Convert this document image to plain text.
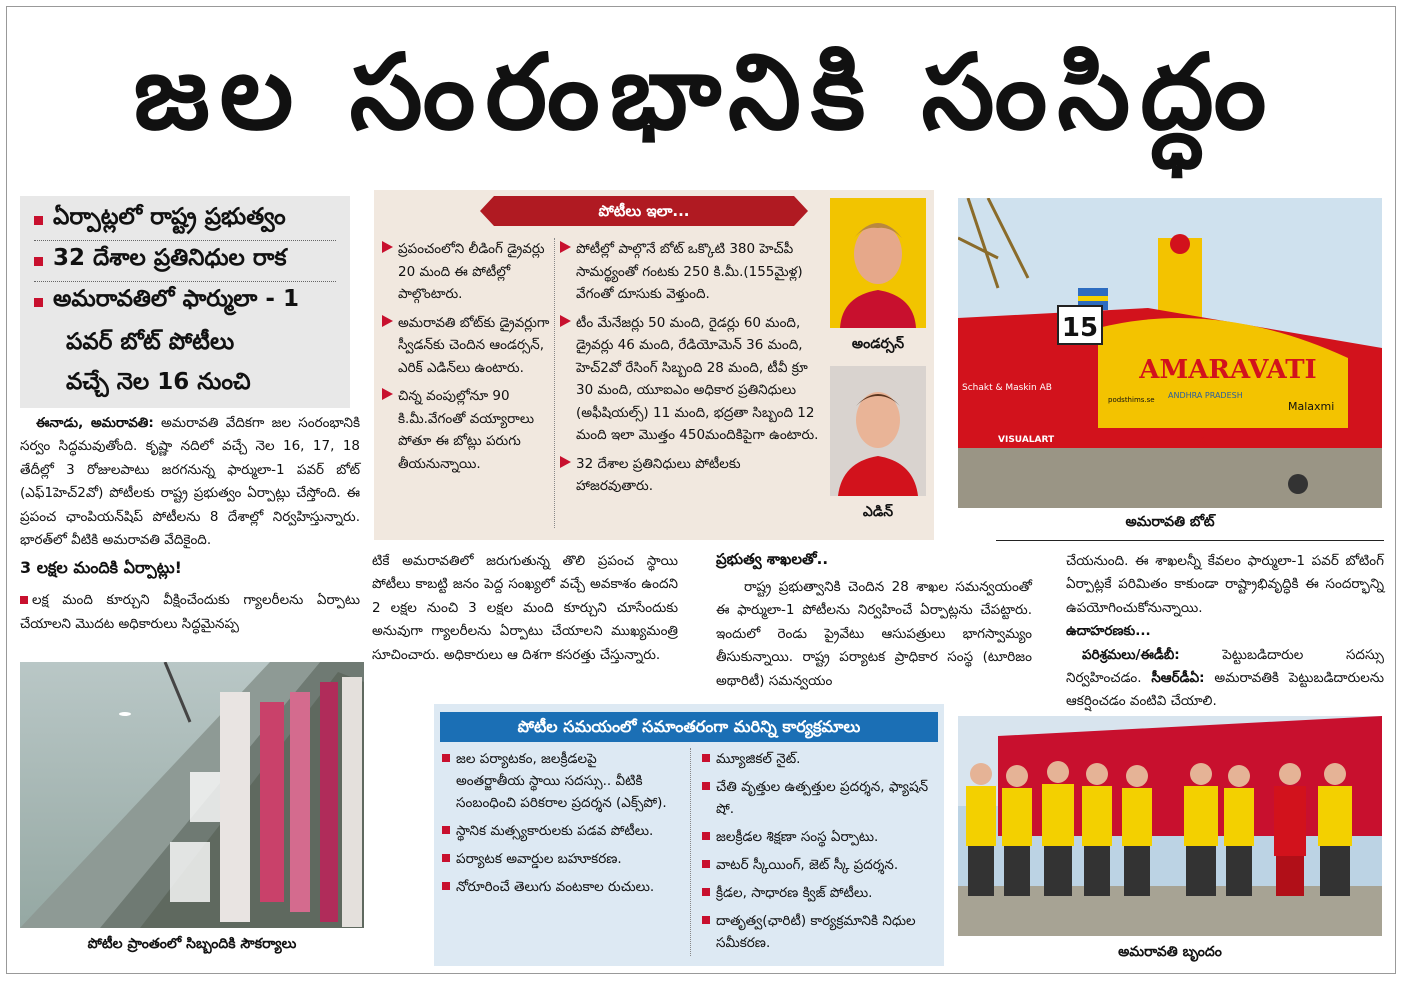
జల సంరంభానికి సంసిద్ధం
ఏర్పాట్లలో రాష్ట్ర ప్రభుత్వం
32 దేశాల ప్రతినిధుల రాక
అమరావతిలో ఫార్ములా - 1
పవర్ బోట్ పోటీలు
వచ్చే నెల 16 నుంచి
ఈనాడు, అమరావతి: అమరావతి వేదికగా జల సంరంభానికి సర్వం సిద్ధమవుతోంది. కృష్ణా నదిలో వచ్చే నెల 16, 17, 18 తేదీల్లో 3 రోజులపాటు జరగనున్న ఫార్ములా-1 పవర్ బోట్ (ఎఫ్1హెచ్2వో) పోటీలకు రాష్ట్ర ప్రభుత్వం ఏర్పాట్లు చేస్తోంది. ఈ ప్రపంచ ఛాంపియన్‌షిప్ పోటీలను 8 దేశాల్లో నిర్వహిస్తున్నారు. భారత్‌లో వీటికి అమరావతి వేదికైంది.
3 లక్షల మందికి ఏర్పాట్లు!
లక్ష మంది కూర్చుని వీక్షించేందుకు గ్యాలరీలను ఏర్పాటు చేయాలని మొదట అధికారులు సిద్ధమైనప్ప
పోటీల ప్రాంతంలో సిబ్బందికి సౌకర్యాలు
పోటీలు ఇలా...
ప్రపంచంలోని లీడింగ్ డ్రైవర్లు 20 మంది ఈ పోటీల్లో పాల్గొంటారు.
అమరావతి బోట్‌కు డ్రైవర్లుగా స్వీడన్‌కు చెందిన ఆండర్సన్, ఎరిక్ ఎడిన్‌లు ఉంటారు.
చిన్న వంపుల్లోనూ 90 కి.మీ.వేగంతో వయ్యారాలు పోతూ ఈ బోట్లు పరుగు తీయనున్నాయి.
పోటీల్లో పాల్గొనే బోట్ ఒక్కొటి 380 హెచ్‌పీ సామర్థ్యంతో గంటకు 250 కి.మీ.(155మైళ్ల) వేగంతో దూసుకు వెళ్తుంది.
టీం మేనేజర్లు 50 మంది, రైడర్లు 60 మంది, డ్రైవర్లు 46 మంది, రేడియోమెన్ 36 మంది, హెచ్2వో రేసింగ్ సిబ్బంది 28 మంది, టీవీ క్రూ 30 మంది, యూఐఎం అధికార ప్రతినిధులు (అఫీషియల్స్) 11 మంది, భద్రతా సిబ్బంది 12 మంది ఇలా మొత్తం 450మందికిపైగా ఉంటారు.
32 దేశాల ప్రతినిధులు పోటీలకు హాజరవుతారు.
అండర్సన్
ఎడిన్
15
AMARAVATI
Schakt & Maskin AB
ANDHRA PRADESH
Malaxmi
VISUALART	CERTEX
podsthims.se
అమరావతి బోట్
టికే అమరావతిలో జరుగుతున్న తొలి ప్రపంచ స్థాయి పోటీలు కాబట్టి జనం పెద్ద సంఖ్యలో వచ్చే అవకాశం ఉందని 2 లక్షల నుంచి 3 లక్షల మంది కూర్చుని చూసేందుకు అనువుగా గ్యాలరీలను ఏర్పాటు చేయాలని ముఖ్యమంత్రి సూచించారు. అధికారులు ఆ దిశగా కసరత్తు చేస్తున్నారు.
ప్రభుత్వ శాఖలతో..
రాష్ట్ర ప్రభుత్వానికి చెందిన 28 శాఖల సమన్వయంతో ఈ ఫార్ములా-1 పోటీలను నిర్వహించే ఏర్పాట్లను చేపట్టారు. ఇందులో రెండు ప్రైవేటు ఆసుపత్రులు భాగస్వామ్యం తీసుకున్నాయి. రాష్ట్ర పర్యాటక ప్రాధికార సంస్థ (టూరిజం అథారిటీ) సమన్వయం
చేయనుంది. ఈ శాఖలన్నీ కేవలం ఫార్ములా-1 పవర్ బోటింగ్ ఏర్పాట్లకే పరిమితం కాకుండా రాష్ట్రాభివృద్ధికి ఈ సందర్భాన్ని ఉపయోగించుకోనున్నాయి.
ఉదాహరణకు...
పరిశ్రమలు/ఈడీబీ: పెట్టుబడిదారుల సదస్సు నిర్వహించడం. సీఆర్‌డీఏ: అమరావతికి పెట్టుబడిదారులను ఆకర్షించడం వంటివి చేయాలి.
పోటీల సమయంలో సమాంతరంగా మరిన్ని కార్యక్రమాలు
జల పర్యాటకం, జలక్రీడలపై అంతర్జాతీయ స్థాయి సదస్సు.. వీటికి సంబంధించి పరికరాల ప్రదర్శన (ఎక్స్‌పో).
స్థానిక మత్స్యకారులకు పడవ పోటీలు.
పర్యాటక అవార్డుల బహూకరణ.
నోరూరించే తెలుగు వంటకాల రుచులు.
మ్యూజికల్ నైట్.
చేతి వృత్తుల ఉత్పత్తుల ప్రదర్శన, ఫ్యాషన్ షో.
జలక్రీడల శిక్షణా సంస్థ ఏర్పాటు.
వాటర్ స్కీయింగ్, జెట్ స్కీ ప్రదర్శన.
క్రీడల, సాధారణ క్విజ్ పోటీలు.
దాతృత్వ(ఛారిటీ) కార్యక్రమానికి నిధుల సమీకరణ.
అమరావతి బృందం
